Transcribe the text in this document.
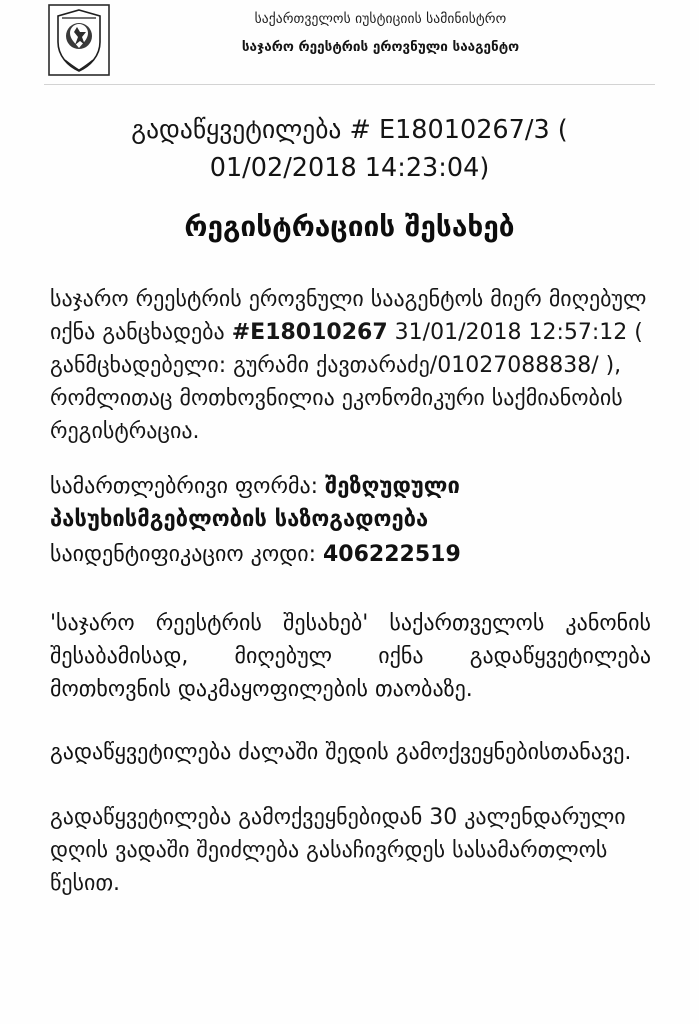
საქართველოს იუსტიციის სამინისტრო
საჯარო რეესტრის ეროვნული სააგენტო
გადაწყვეტილება # E18010267/3 ( 01/02/2018 14:23:04)
რეგისტრაციის შესახებ

საჯარო რეესტრის ეროვნული სააგენტოს მიერ მიღებულ იქნა განცხადება #E18010267 31/01/2018 12:57:12 ( განმცხადებელი: გურამი ქავთარაძე/01027088838/ ), რომლითაც მოთხოვნილია ეკონომიკური საქმიანობის რეგისტრაცია.

სამართლებრივი ფორმა: შეზღუდული პასუხისმგებლობის საზოგადოება
საიდენტიფიკაციო კოდი: 406222519

'საჯარო რეესტრის შესახებ' საქართველოს კანონის შესაბამისად, მიღებულ იქნა გადაწყვეტილება მოთხოვნის დაკმაყოფილების თაობაზე.

გადაწყვეტილება ძალაში შედის გამოქვეყნებისთანავე.

გადაწყვეტილება გამოქვეყნებიდან 30 კალენდარული დღის ვადაში შეიძლება გასაჩივრდეს სასამართლოს წესით.
